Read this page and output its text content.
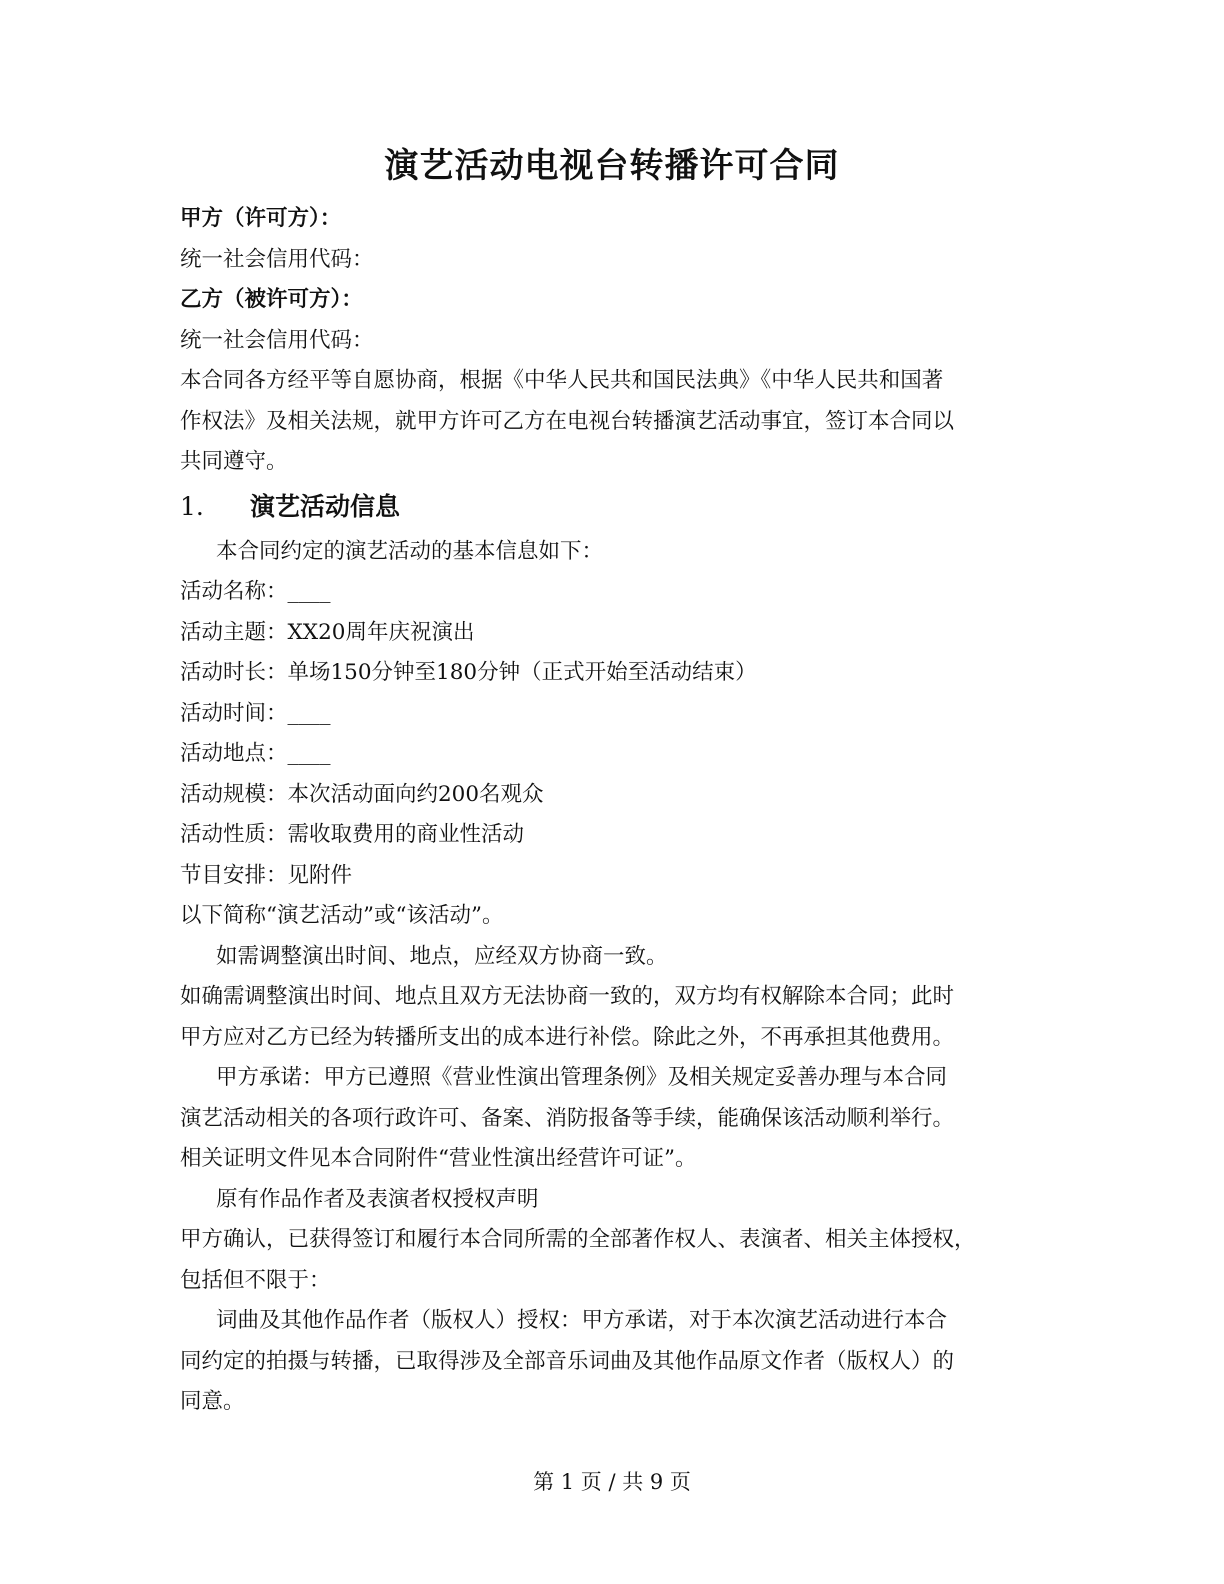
演艺活动电视台转播许可合同
甲方（许可方）：
统一社会信用代码：
乙方（被许可方）：
统一社会信用代码：
本合同各方经平等自愿协商，根据《中华人民共和国民法典》《中华人民共和国著
作权法》及相关法规，就甲方许可乙方在电视台转播演艺活动事宜，签订本合同以
共同遵守。
1. 演艺活动信息
本合同约定的演艺活动的基本信息如下：
活动名称：____
活动主题：XX20周年庆祝演出
活动时长：单场150分钟至180分钟（正式开始至活动结束）
活动时间：____
活动地点：____
活动规模：本次活动面向约200名观众
活动性质：需收取费用的商业性活动
节目安排：见附件
以下简称“演艺活动”或“该活动”。
如需调整演出时间、地点，应经双方协商一致。
如确需调整演出时间、地点且双方无法协商一致的，双方均有权解除本合同；此时
甲方应对乙方已经为转播所支出的成本进行补偿。除此之外，不再承担其他费用。
甲方承诺：甲方已遵照《营业性演出管理条例》及相关规定妥善办理与本合同
演艺活动相关的各项行政许可、备案、消防报备等手续，能确保该活动顺利举行。
相关证明文件见本合同附件“营业性演出经营许可证”。
原有作品作者及表演者权授权声明
甲方确认，已获得签订和履行本合同所需的全部著作权人、表演者、相关主体授权，
包括但不限于：
词曲及其他作品作者（版权人）授权：甲方承诺，对于本次演艺活动进行本合
同约定的拍摄与转播，已取得涉及全部音乐词曲及其他作品原文作者（版权人）的
同意。
第 1 页 / 共 9 页
